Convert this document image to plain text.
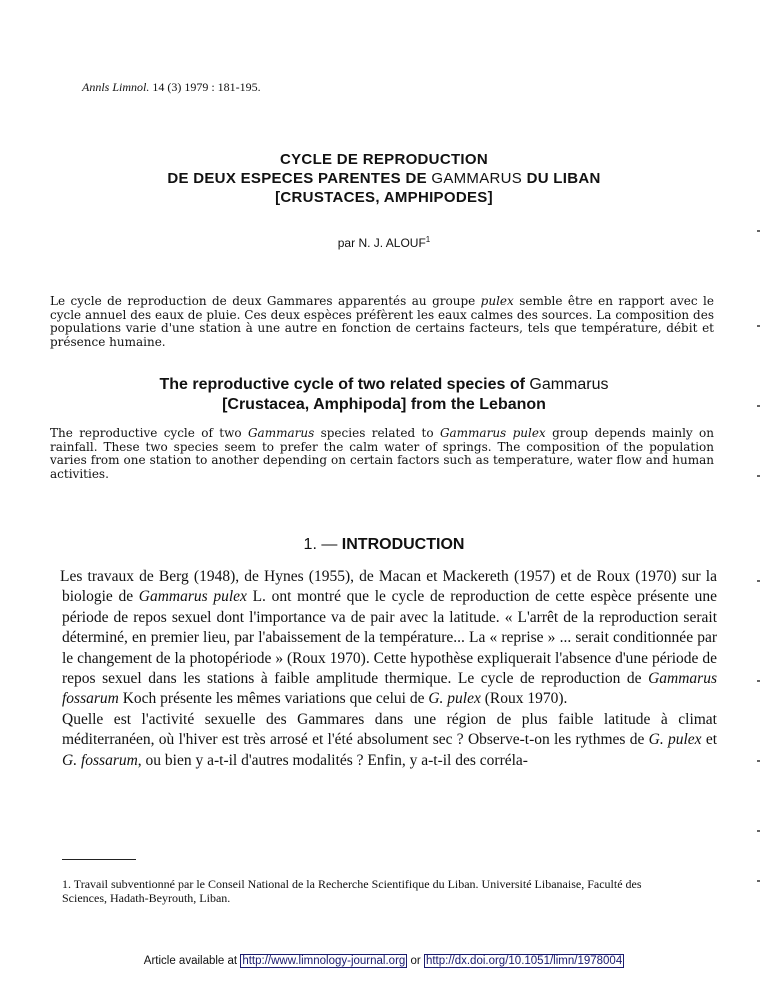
Annls Limnol. 14 (3) 1979 : 181-195.
CYCLE DE REPRODUCTION
DE DEUX ESPECES PARENTES DE GAMMARUS DU LIBAN
[CRUSTACES, AMPHIPODES]
par N. J. ALOUF$^1$
Le cycle de reproduction de deux Gammares apparentés au groupe pulex semble être en rapport avec le cycle annuel des eaux de pluie. Ces deux espèces préfèrent les eaux calmes des sources. La composition des populations varie d'une station à une autre en fonction de certains facteurs, tels que température, débit et présence humaine.
The reproductive cycle of two related species of Gammarus
[Crustacea, Amphipoda] from the Lebanon
The reproductive cycle of two Gammarus species related to Gammarus pulex group depends mainly on rainfall. These two species seem to prefer the calm water of springs. The composition of the population varies from one station to another depending on certain factors such as temperature, water flow and human activities.
1. — INTRODUCTION

Les travaux de Berg (1948), de Hynes (1955), de Macan et Mackereth (1957) et de Roux (1970) sur la biologie de Gammarus pulex L. ont montré que le cycle de reproduction de cette espèce présente une période de repos sexuel dont l'importance va de pair avec la latitude. « L'arrêt de la reproduction serait déterminé, en premier lieu, par l'abaissement de la température... La « reprise » ... serait conditionnée par le changement de la photopériode » (Roux 1970). Cette hypothèse expliquerait l'absence d'une période de repos sexuel dans les stations à faible amplitude thermique. Le cycle de reproduction de Gammarus fossarum Koch présente les mêmes variations que celui de G. pulex (Roux 1970).

Quelle est l'activité sexuelle des Gammares dans une région de plus faible latitude à climat méditerranéen, où l'hiver est très arrosé et l'été absolument sec ? Observe-t-on les rythmes de G. pulex et G. fossarum, ou bien y a-t-il d'autres modalités ? Enfin, y a-t-il des corréla-

1. Travail subventionné par le Conseil National de la Recherche Scientifique du Liban. Université Libanaise, Faculté des Sciences, Hadath-Beyrouth, Liban.
Article available at http://www.limnology-journal.org or http://dx.doi.org/10.1051/limn/1978004
